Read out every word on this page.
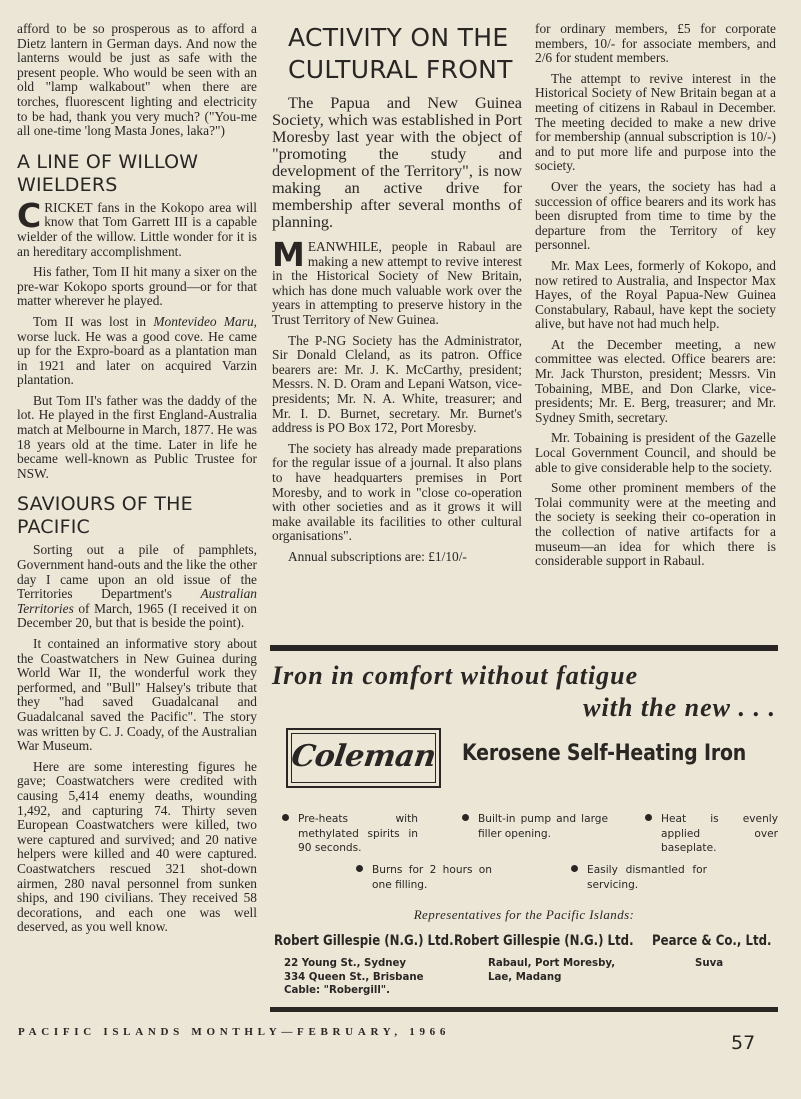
afford to be so prosperous as to afford a Dietz lantern in German days. And now the lanterns would be just as safe with the present people. Who would be seen with an old "lamp walkabout" when there are torches, fluorescent lighting and electricity to be had, thank you very much? ("You-me all one-time 'long Masta Jones, laka?")

A LINE OF WILLOW WIELDERS

CRICKET fans in the Kokopo area will know that Tom Garrett III is a capable wielder of the willow. Little wonder for it is an hereditary accomplishment.

His father, Tom II hit many a sixer on the pre-war Kokopo sports ground—or for that matter wherever he played.

Tom II was lost in Montevideo Maru, worse luck. He was a good cove. He came up for the Expro-board as a plantation man in 1921 and later on acquired Varzin plantation.

But Tom II's father was the daddy of the lot. He played in the first England-Australia match at Melbourne in March, 1877. He was 18 years old at the time. Later in life he became well-known as Public Trustee for NSW.

SAVIOURS OF THE PACIFIC

Sorting out a pile of pamphlets, Government hand-outs and the like the other day I came upon an old issue of the Territories Department's Australian Territories of March, 1965 (I received it on December 20, but that is beside the point).

It contained an informative story about the Coastwatchers in New Guinea during World War II, the wonderful work they performed, and "Bull" Halsey's tribute that they "had saved Guadalcanal and Guadalcanal saved the Pacific". The story was written by C. J. Coady, of the Australian War Museum.

Here are some interesting figures he gave; Coastwatchers were credited with causing 5,414 enemy deaths, wounding 1,492, and capturing 74. Thirty seven European Coastwatchers were killed, two were captured and survived; and 20 native helpers were killed and 40 were captured. Coastwatchers rescued 321 shot-down airmen, 280 naval personnel from sunken ships, and 190 civilians. They received 58 decorations, and each one was well deserved, as you well know.

ACTIVITY ON THE CULTURAL FRONT

The Papua and New Guinea Society, which was established in Port Moresby last year with the object of "promoting the study and development of the Territory", is now making an active drive for membership after several months of planning.

MEANWHILE, people in Rabaul are making a new attempt to revive interest in the Historical Society of New Britain, which has done much valuable work over the years in attempting to preserve history in the Trust Territory of New Guinea.

The P-NG Society has the Administrator, Sir Donald Cleland, as its patron. Office bearers are: Mr. J. K. McCarthy, president; Messrs. N. D. Oram and Lepani Watson, vice-presidents; Mr. N. A. White, treasurer; and Mr. I. D. Burnet, secretary. Mr. Burnet's address is PO Box 172, Port Moresby.

The society has already made preparations for the regular issue of a journal. It also plans to have headquarters premises in Port Moresby, and to work in "close co-operation with other societies and as it grows it will make available its facilities to other cultural organisations".

Annual subscriptions are: £1/10/-

for ordinary members, £5 for corporate members, 10/- for associate members, and 2/6 for student members.

The attempt to revive interest in the Historical Society of New Britain began at a meeting of citizens in Rabaul in December. The meeting decided to make a new drive for membership (annual subscription is 10/-) and to put more life and purpose into the society.

Over the years, the society has had a succession of office bearers and its work has been disrupted from time to time by the departure from the Territory of key personnel.

Mr. Max Lees, formerly of Kokopo, and now retired to Australia, and Inspector Max Hayes, of the Royal Papua-New Guinea Constabulary, Rabaul, have kept the society alive, but have not had much help.

At the December meeting, a new committee was elected. Office bearers are: Mr. Jack Thurston, president; Messrs. Vin Tobaining, MBE, and Don Clarke, vice-presidents; Mr. E. Berg, treasurer; and Mr. Sydney Smith, secretary.

Mr. Tobaining is president of the Gazelle Local Government Council, and should be able to give considerable help to the society.

Some other prominent members of the Tolai community were at the meeting and the society is seeking their co-operation in the collection of native artifacts for a museum—an idea for which there is considerable support in Rabaul.

Iron in comfort without fatigue
with the new . . .
Coleman Kerosene Self-Heating Iron
Pre-heats with methylated spirits in 90 seconds.
Built-in pump and large filler opening.
Heat is evenly applied over baseplate.
Burns for 2 hours on one filling.
Easily dismantled for servicing.
Representatives for the Pacific Islands:
Robert Gillespie (N.G.) Ltd. Robert Gillespie (N.G.) Ltd. Pearce & Co., Ltd.
22 Young St., Sydney
334 Queen St., Brisbane
Cable: "Robergill".
Rabaul, Port Moresby,
Lae, Madang
Suva
PACIFIC ISLANDS MONTHLY—FEBRUARY, 1966	57
